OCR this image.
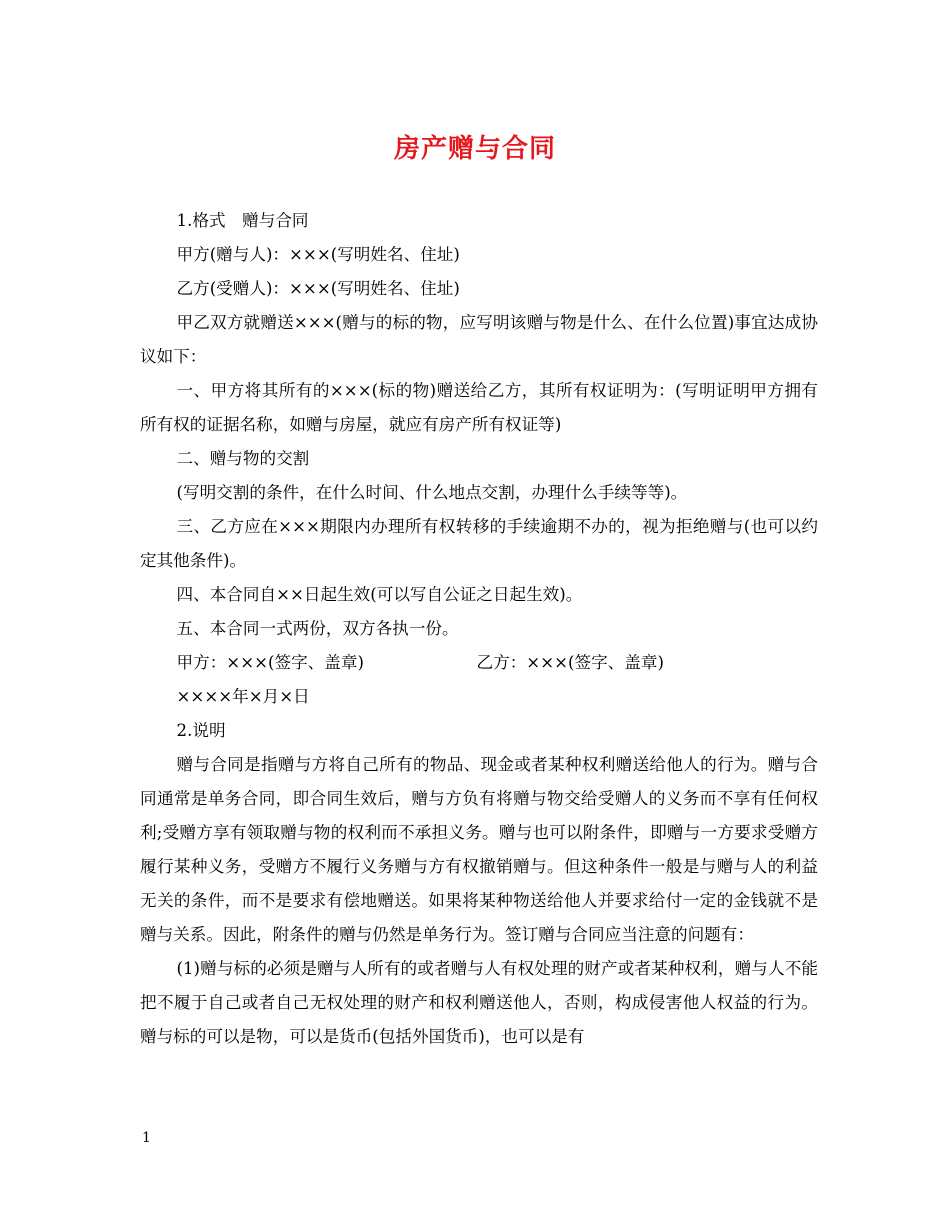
房产赠与合同

1.格式　赠与合同

甲方(赠与人)：×××(写明姓名、住址)

乙方(受赠人)：×××(写明姓名、住址)

甲乙双方就赠送×××(赠与的标的物，应写明该赠与物是什么、在什么位置)事宜达成协议如下：

一、甲方将其所有的×××(标的物)赠送给乙方，其所有权证明为：(写明证明甲方拥有所有权的证据名称，如赠与房屋，就应有房产所有权证等)

二、赠与物的交割

(写明交割的条件，在什么时间、什么地点交割，办理什么手续等等)。

三、乙方应在×××期限内办理所有权转移的手续逾期不办的，视为拒绝赠与(也可以约定其他条件)。

四、本合同自××日起生效(可以写自公证之日起生效)。

五、本合同一式两份，双方各执一份。

甲方：×××(签字、盖章)	乙方：×××(签字、盖章)

××××年×月×日

2.说明

赠与合同是指赠与方将自己所有的物品、现金或者某种权利赠送给他人的行为。赠与合同通常是单务合同，即合同生效后，赠与方负有将赠与物交给受赠人的义务而不享有任何权利;受赠方享有领取赠与物的权利而不承担义务。赠与也可以附条件，即赠与一方要求受赠方履行某种义务，受赠方不履行义务赠与方有权撤销赠与。但这种条件一般是与赠与人的利益无关的条件，而不是要求有偿地赠送。如果将某种物送给他人并要求给付一定的金钱就不是赠与关系。因此，附条件的赠与仍然是单务行为。签订赠与合同应当注意的问题有：

(1)赠与标的必须是赠与人所有的或者赠与人有权处理的财产或者某种权利，赠与人不能把不履于自己或者自己无权处理的财产和权利赠送他人，否则，构成侵害他人权益的行为。赠与标的可以是物，可以是货币(包括外国货币)，也可以是有

1
